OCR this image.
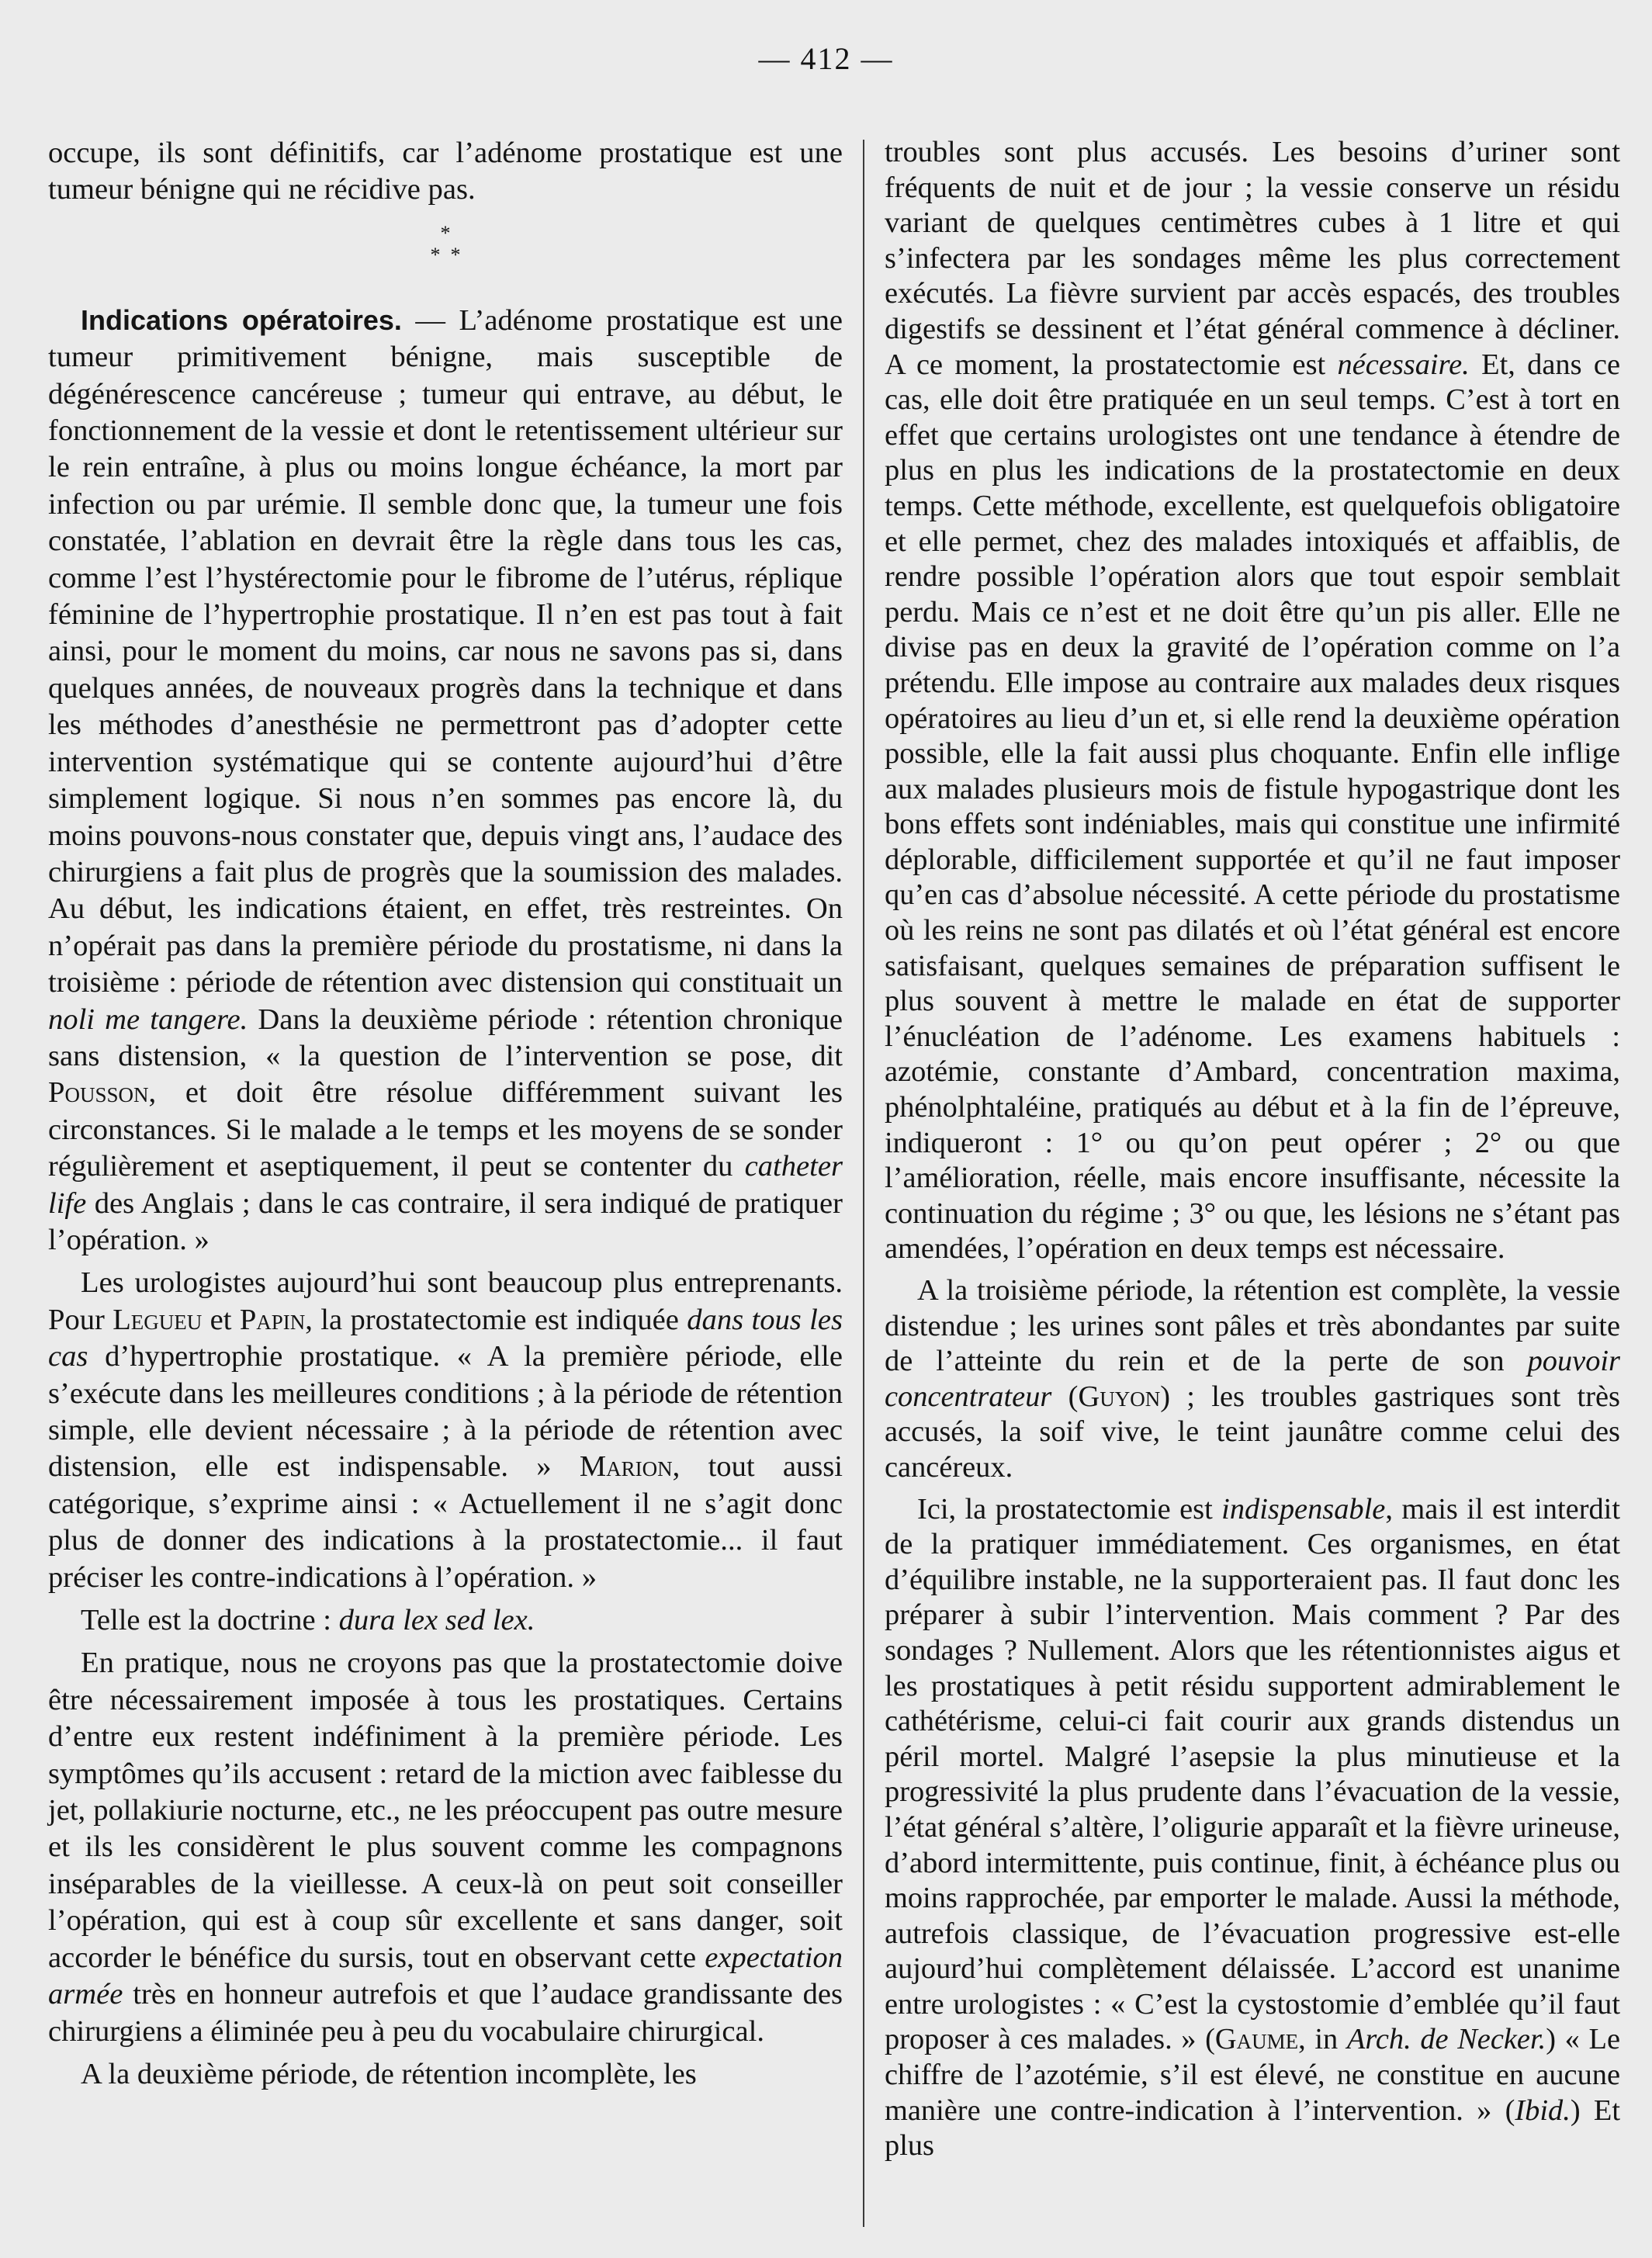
— 412 —

occupe, ils sont définitifs, car l’adénome prostatique est une tumeur bénigne qui ne récidive pas.

*
*  *

Indications opératoires. — L’adénome prostatique est une tumeur primitivement bénigne, mais susceptible de dégénérescence cancéreuse ; tumeur qui entrave, au début, le fonctionnement de la vessie et dont le retentissement ultérieur sur le rein entraîne, à plus ou moins longue échéance, la mort par infection ou par urémie. Il semble donc que, la tumeur une fois constatée, l’ablation en devrait être la règle dans tous les cas, comme l’est l’hystérectomie pour le fibrome de l’utérus, réplique féminine de l’hypertrophie prostatique. Il n’en est pas tout à fait ainsi, pour le moment du moins, car nous ne savons pas si, dans quelques années, de nouveaux progrès dans la technique et dans les méthodes d’anesthésie ne permettront pas d’adopter cette intervention systématique qui se contente aujourd’hui d’être simplement logique. Si nous n’en sommes pas encore là, du moins pouvons-nous constater que, depuis vingt ans, l’audace des chirurgiens a fait plus de progrès que la soumission des malades. Au début, les indications étaient, en effet, très restreintes. On n’opérait pas dans la première période du prostatisme, ni dans la troisième : période de rétention avec distension qui constituait un noli me tangere. Dans la deuxième période : rétention chronique sans distension, « la question de l’intervention se pose, dit Pousson, et doit être résolue différemment suivant les circonstances. Si le malade a le temps et les moyens de se sonder régulièrement et aseptiquement, il peut se contenter du catheter life des Anglais ; dans le cas contraire, il sera indiqué de pratiquer l’opération. »

Les urologistes aujourd’hui sont beaucoup plus entreprenants. Pour Legueu et Papin, la prostatectomie est indiquée dans tous les cas d’hypertrophie prostatique. « A la première période, elle s’exécute dans les meilleures conditions ; à la période de rétention simple, elle devient nécessaire ; à la période de rétention avec distension, elle est indispensable. » Marion, tout aussi catégorique, s’exprime ainsi : « Actuellement il ne s’agit donc plus de donner des indications à la prostatectomie... il faut préciser les contre-indications à l’opération. »

Telle est la doctrine : dura lex sed lex.

En pratique, nous ne croyons pas que la prostatectomie doive être nécessairement imposée à tous les prostatiques. Certains d’entre eux restent indéfiniment à la première période. Les symptômes qu’ils accusent : retard de la miction avec faiblesse du jet, pollakiurie nocturne, etc., ne les préoccupent pas outre mesure et ils les considèrent le plus souvent comme les compagnons inséparables de la vieillesse. A ceux-là on peut soit conseiller l’opération, qui est à coup sûr excellente et sans danger, soit accorder le bénéfice du sursis, tout en observant cette expectation armée très en honneur autrefois et que l’audace grandissante des chirurgiens a éliminée peu à peu du vocabulaire chirurgical.

A la deuxième période, de rétention incomplète, les

troubles sont plus accusés. Les besoins d’uriner sont fréquents de nuit et de jour ; la vessie conserve un résidu variant de quelques centimètres cubes à 1 litre et qui s’infectera par les sondages même les plus correctement exécutés. La fièvre survient par accès espacés, des troubles digestifs se dessinent et l’état général commence à décliner. A ce moment, la prostatectomie est nécessaire. Et, dans ce cas, elle doit être pratiquée en un seul temps. C’est à tort en effet que certains urologistes ont une tendance à étendre de plus en plus les indications de la prostatectomie en deux temps. Cette méthode, excellente, est quelquefois obligatoire et elle permet, chez des malades intoxiqués et affaiblis, de rendre possible l’opération alors que tout espoir semblait perdu. Mais ce n’est et ne doit être qu’un pis aller. Elle ne divise pas en deux la gravité de l’opération comme on l’a prétendu. Elle impose au contraire aux malades deux risques opératoires au lieu d’un et, si elle rend la deuxième opération possible, elle la fait aussi plus choquante. Enfin elle inflige aux malades plusieurs mois de fistule hypogastrique dont les bons effets sont indéniables, mais qui constitue une infirmité déplorable, difficilement supportée et qu’il ne faut imposer qu’en cas d’absolue nécessité. A cette période du prostatisme où les reins ne sont pas dilatés et où l’état général est encore satisfaisant, quelques semaines de préparation suffisent le plus souvent à mettre le malade en état de supporter l’énucléation de l’adénome. Les examens habituels : azotémie, constante d’Ambard, concentration maxima, phénolphtaléine, pratiqués au début et à la fin de l’épreuve, indiqueront : 1° ou qu’on peut opérer ; 2° ou que l’amélioration, réelle, mais encore insuffisante, nécessite la continuation du régime ; 3° ou que, les lésions ne s’étant pas amendées, l’opération en deux temps est nécessaire.

A la troisième période, la rétention est complète, la vessie distendue ; les urines sont pâles et très abondantes par suite de l’atteinte du rein et de la perte de son pouvoir concentrateur (Guyon) ; les troubles gastriques sont très accusés, la soif vive, le teint jaunâtre comme celui des cancéreux.

Ici, la prostatectomie est indispensable, mais il est interdit de la pratiquer immédiatement. Ces organismes, en état d’équilibre instable, ne la supporteraient pas. Il faut donc les préparer à subir l’intervention. Mais comment ? Par des sondages ? Nullement. Alors que les rétentionnistes aigus et les prostatiques à petit résidu supportent admirablement le cathétérisme, celui-ci fait courir aux grands distendus un péril mortel. Malgré l’asepsie la plus minutieuse et la progressivité la plus prudente dans l’évacuation de la vessie, l’état général s’altère, l’oligurie apparaît et la fièvre urineuse, d’abord intermittente, puis continue, finit, à échéance plus ou moins rapprochée, par emporter le malade. Aussi la méthode, autrefois classique, de l’évacuation progressive est-elle aujourd’hui complètement délaissée. L’accord est unanime entre urologistes : « C’est la cystostomie d’emblée qu’il faut proposer à ces malades. » (Gaume, in Arch. de Necker.) « Le chiffre de l’azotémie, s’il est élevé, ne constitue en aucune manière une contre-indication à l’intervention. » (Ibid.) Et plus
